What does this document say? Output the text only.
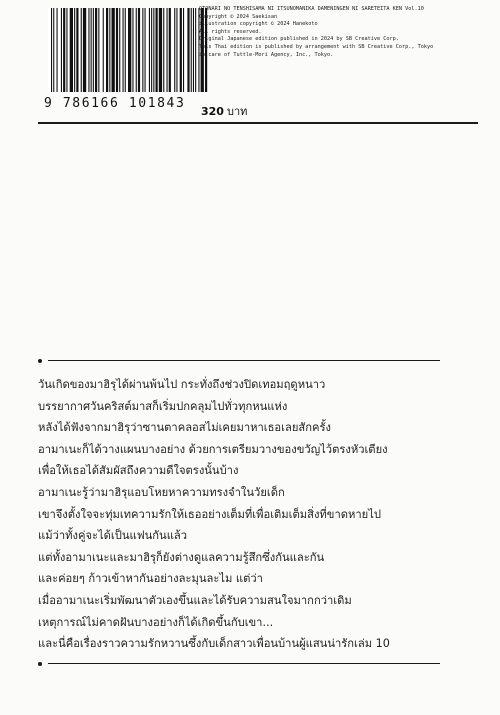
9 786166 101843
OTONARI NO TENSHISAMA NI ITSUNOMANIKA DAMENINGEN NI SARETEITA KEN Vol.10
Copyright © 2024 Saekisan
illustration copyright © 2024 Hanekoto
All rights reserved.
Original Japanese edition published in 2024 by SB Creative Corp.
This Thai edition is published by arrangement with SB Creative Corp., Tokyo
in care of Tuttle-Mori Agency, Inc., Tokyo.
320 บาท
วันเกิดของมาฮิรุได้ผ่านพ้นไป กระทั่งถึงช่วงปิดเทอมฤดูหนาว
บรรยากาศวันคริสต์มาสก็เริ่มปกคลุมไปทั่วทุกหนแห่ง
หลังได้ฟังจากมาฮิรุว่าซานตาคลอสไม่เคยมาหาเธอเลยสักครั้ง
อามาเนะก็ได้วางแผนบางอย่าง ด้วยการเตรียมวางของขวัญไว้ตรงหัวเตียง
เพื่อให้เธอได้สัมผัสถึงความดีใจตรงนั้นบ้าง
อามาเนะรู้ว่ามาฮิรุแอบโหยหาความทรงจำในวัยเด็ก
เขาจึงตั้งใจจะทุ่มเทความรักให้เธออย่างเต็มที่เพื่อเติมเต็มสิ่งที่ขาดหายไป
แม้ว่าทั้งคู่จะได้เป็นแฟนกันแล้ว
แต่ทั้งอามาเนะและมาฮิรุก็ยังต่างดูแลความรู้สึกซึ่งกันและกัน
และค่อยๆ ก้าวเข้าหากันอย่างละมุนละไม แต่ว่า
เมื่ออามาเนะเริ่มพัฒนาตัวเองขึ้นและได้รับความสนใจมากกว่าเดิม
เหตุการณ์ไม่คาดฝันบางอย่างก็ได้เกิดขึ้นกับเขา...
และนี่คือเรื่องราวความรักหวานซึ้งกับเด็กสาวเพื่อนบ้านผู้แสนน่ารักเล่ม 10
